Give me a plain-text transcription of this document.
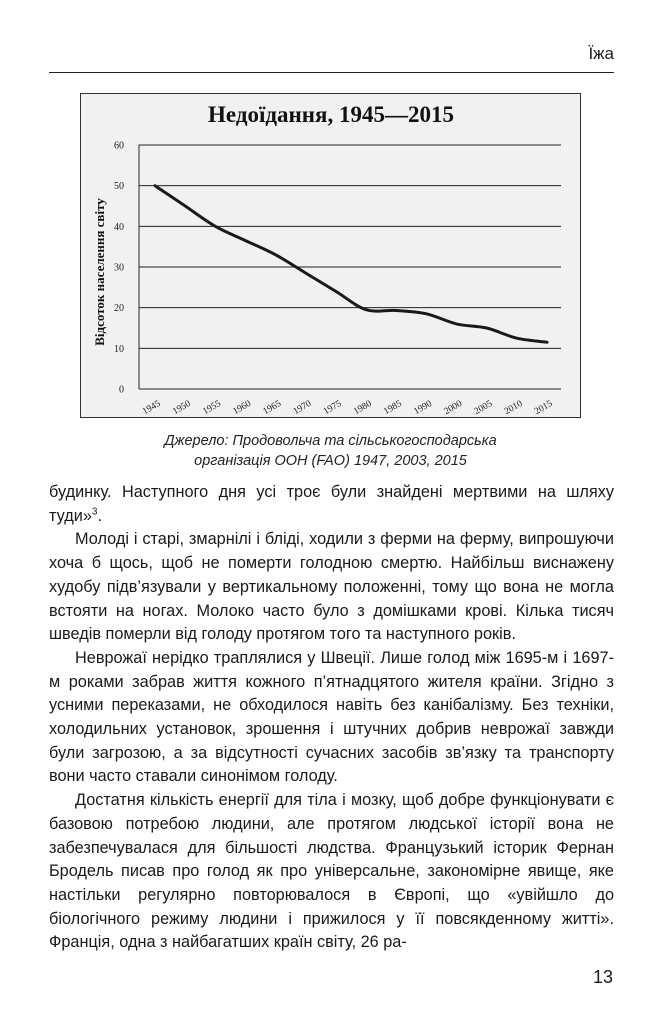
Їжа
Недоїдання, 1945—2015
0
10
20
30
40
50
60
Відсоток населення світу
1945 1950 1955 1960 1965 1970 1975 1980 1985 1990 2000 2005 2010 2015
Джерело: Продовольча та сільськогосподарська
організація ООН (FAO) 1947, 2003, 2015

будинку. Наступного дня усі троє були знайдені мертвими на шляху туди»$^3$.

Молоді і старі, змарнілі і бліді, ходили з ферми на ферму, випрошуючи хоча б щось, щоб не померти голодною смертю. Найбільш виснажену худобу підв’язували у вертикальному положенні, тому що вона не могла встояти на ногах. Молоко часто було з домішками крові. Кілька тисяч шведів померли від голоду протягом того та наступного років.

Неврожаї нерідко траплялися у Швеції. Лише голод між 1695-м і 1697-м роками забрав життя кожного п’ятнадцятого жителя країни. Згідно з усними переказами, не обходилося навіть без канібалізму. Без техніки, холодильних установок, зрошення і штучних добрив неврожаї завжди були загрозою, а за відсутності сучасних засобів зв’язку та транспорту вони часто ставали синонімом голоду.

Достатня кількість енергії для тіла і мозку, щоб добре функціонувати є базовою потребою людини, але протягом людської історії вона не забезпечувалася для більшості людства. Французький історик Фернан Бродель писав про голод як про універсальне, закономірне явище, яке настільки регулярно повторювалося в Європі, що «увійшло до біологічного режиму людини і прижилося у її повсякденному житті». Франція, одна з найбагатших країн світу, 26 ра-

13
